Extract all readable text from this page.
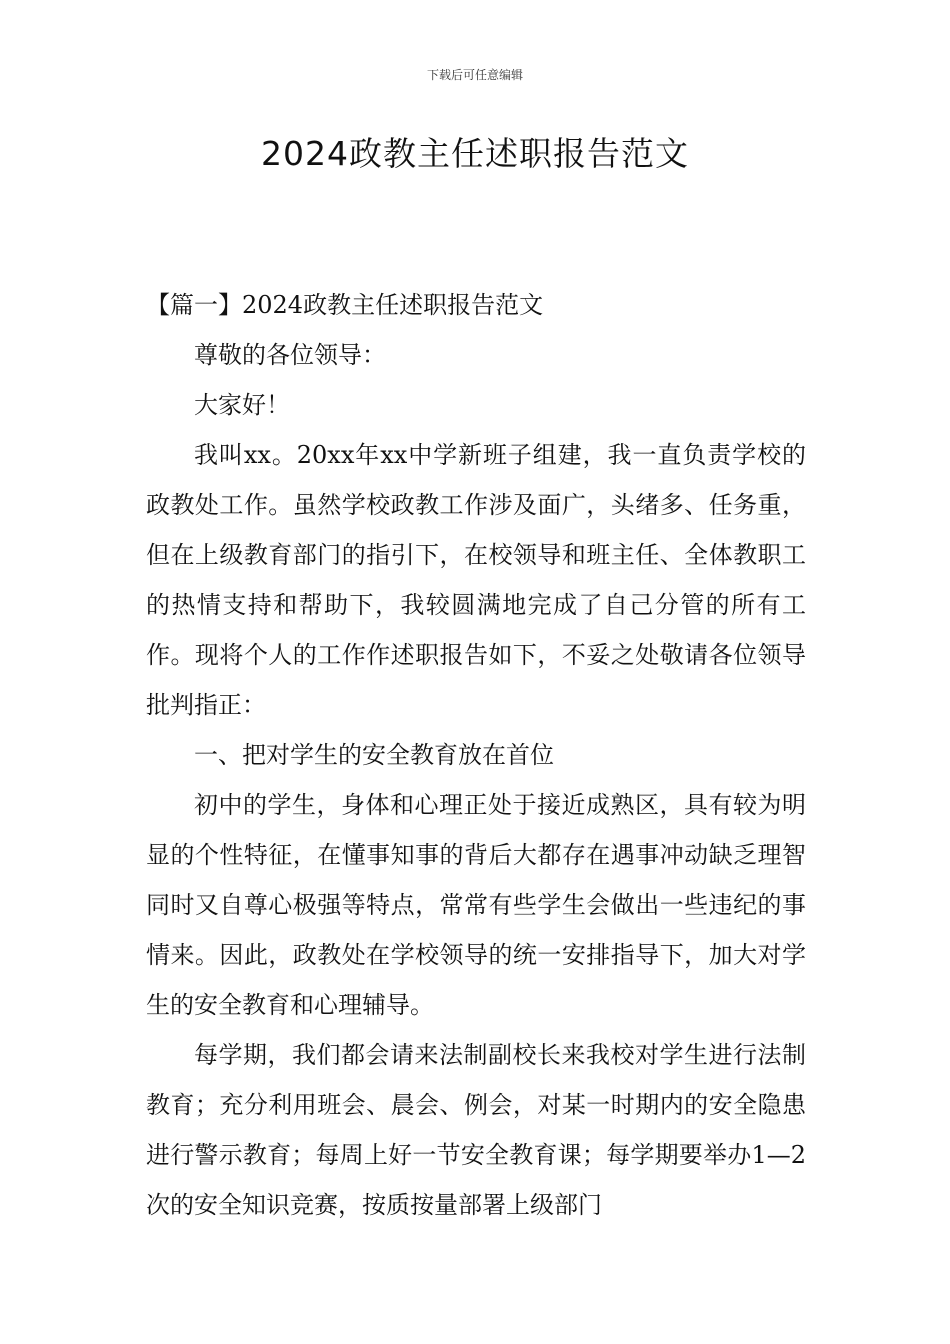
下载后可任意编辑
2024政教主任述职报告范文

【篇一】2024政教主任述职报告范文

尊敬的各位领导：

大家好！

我叫xx。20xx年xx中学新班子组建，我一直负责学校的政教处工作。虽然学校政教工作涉及面广，头绪多、任务重，但在上级教育部门的指引下，在校领导和班主任、全体教职工的热情支持和帮助下，我较圆满地完成了自己分管的所有工作。现将个人的工作作述职报告如下，不妥之处敬请各位领导批判指正：

一、把对学生的安全教育放在首位

初中的学生，身体和心理正处于接近成熟区，具有较为明显的个性特征，在懂事知事的背后大都存在遇事冲动缺乏理智同时又自尊心极强等特点，常常有些学生会做出一些违纪的事情来。因此，政教处在学校领导的统一安排指导下，加大对学生的安全教育和心理辅导。

每学期，我们都会请来法制副校长来我校对学生进行法制教育；充分利用班会、晨会、例会，对某一时期内的安全隐患进行警示教育；每周上好一节安全教育课；每学期要举办1—2次的安全知识竞赛，按质按量部署上级部门
